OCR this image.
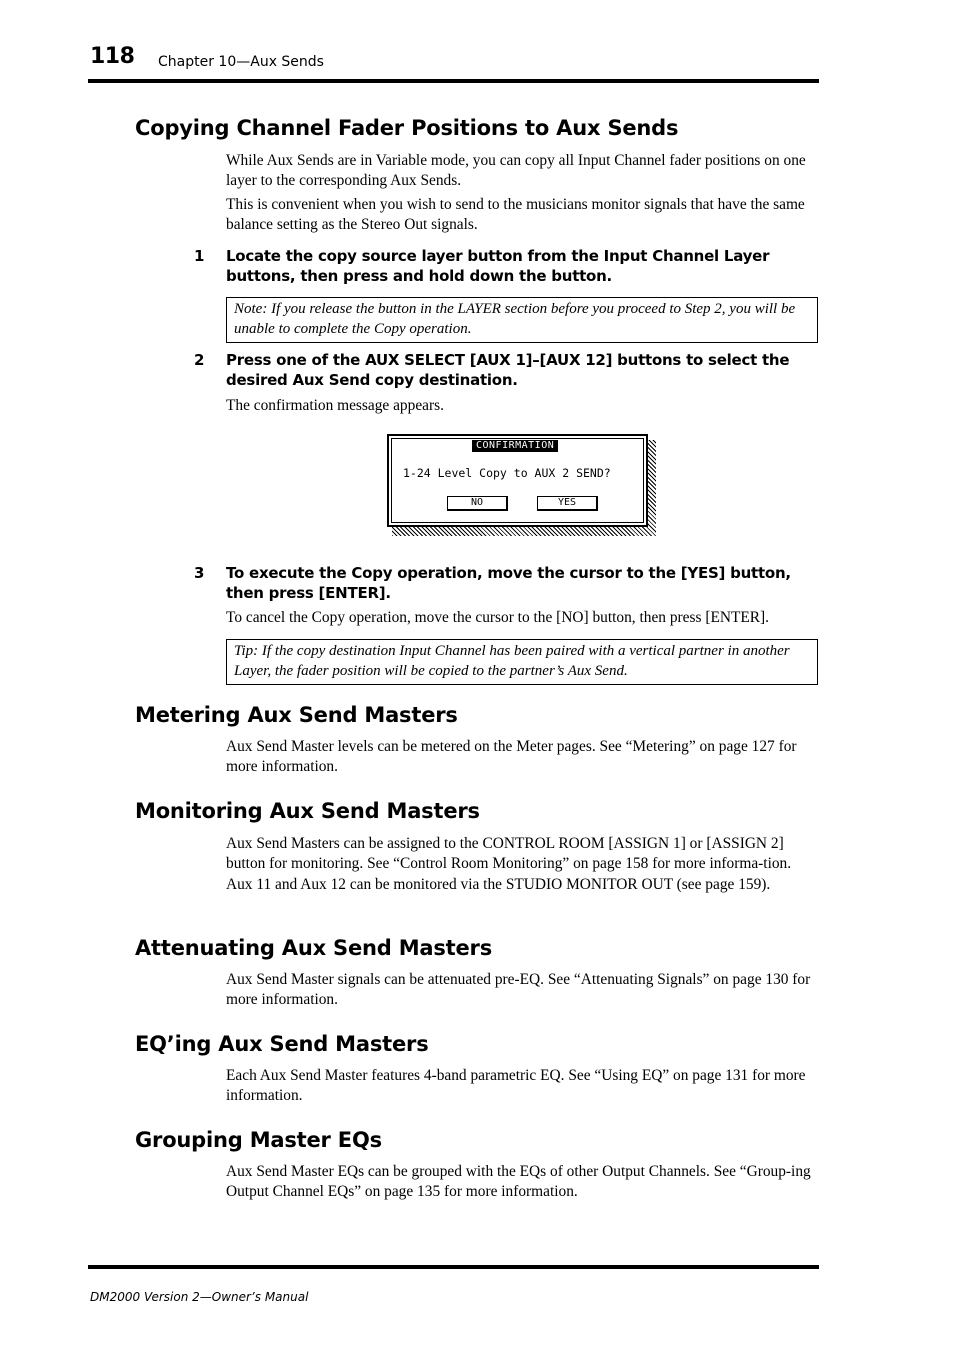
118 Chapter 10—Aux Sends
Copying Channel Fader Positions to Aux Sends

While Aux Sends are in Variable mode, you can copy all Input Channel fader positions on one layer to the corresponding Aux Sends.

This is convenient when you wish to send to the musicians monitor signals that have the same balance setting as the Stereo Out signals.

1 Locate the copy source layer button from the Input Channel Layer buttons, then press and hold down the button.

Note: If you release the button in the LAYER section before you proceed to Step 2, you will be unable to complete the Copy operation.
2 Press one of the AUX SELECT [AUX 1]–[AUX 12] buttons to select the desired Aux Send copy destination.

The confirmation message appears.

CONFIRMATION
1-24 Level Copy to AUX 2 SEND?
NO	YES
3 To execute the Copy operation, move the cursor to the [YES] button, then press [ENTER].

To cancel the Copy operation, move the cursor to the [NO] button, then press [ENTER].

Tip: If the copy destination Input Channel has been paired with a vertical partner in another Layer, the fader position will be copied to the partner’s Aux Send.
Metering Aux Send Masters

Aux Send Master levels can be metered on the Meter pages. See “Metering” on page 127 for more information.

Monitoring Aux Send Masters

Aux Send Masters can be assigned to the CONTROL ROOM [ASSIGN 1] or [ASSIGN 2] button for monitoring. See “Control Room Monitoring” on page 158 for more informa-tion. Aux 11 and Aux 12 can be monitored via the STUDIO MONITOR OUT (see page 159).

Attenuating Aux Send Masters

Aux Send Master signals can be attenuated pre-EQ. See “Attenuating Signals” on page 130 for more information.

EQ’ing Aux Send Masters

Each Aux Send Master features 4-band parametric EQ. See “Using EQ” on page 131 for more information.

Grouping Master EQs

Aux Send Master EQs can be grouped with the EQs of other Output Channels. See “Group-ing Output Channel EQs” on page 135 for more information.

DM2000 Version 2—Owner’s Manual
